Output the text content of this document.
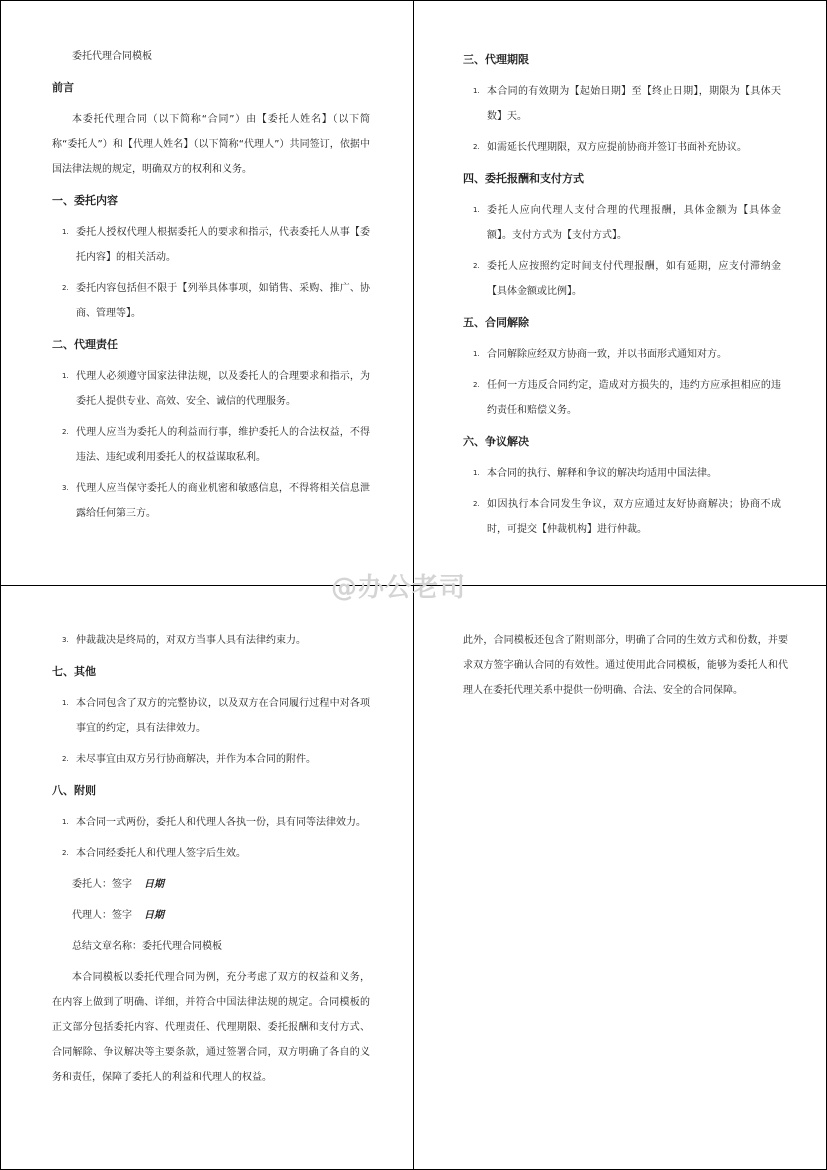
委托代理合同模板
前言
本委托代理合同（以下简称“合同”）由【委托人姓名】（以下简称“委托人”）和【代理人姓名】（以下简称“代理人”）共同签订，依据中国法律法规的规定，明确双方的权利和义务。
一、委托内容
1. 委托人授权代理人根据委托人的要求和指示，代表委托人从事【委托内容】的相关活动。
2. 委托内容包括但不限于【列举具体事项，如销售、采购、推广、协商、管理等】。
二、代理责任
1. 代理人必须遵守国家法律法规，以及委托人的合理要求和指示，为委托人提供专业、高效、安全、诚信的代理服务。
2. 代理人应当为委托人的利益而行事，维护委托人的合法权益，不得违法、违纪或利用委托人的权益谋取私利。
3. 代理人应当保守委托人的商业机密和敏感信息，不得将相关信息泄露给任何第三方。
三、代理期限
1. 本合同的有效期为【起始日期】至【终止日期】，期限为【具体天数】天。
2. 如需延长代理期限，双方应提前协商并签订书面补充协议。
四、委托报酬和支付方式
1. 委托人应向代理人支付合理的代理报酬，具体金额为【具体金额】。支付方式为【支付方式】。
2. 委托人应按照约定时间支付代理报酬，如有延期，应支付滞纳金【具体金额或比例】。
五、合同解除
1. 合同解除应经双方协商一致，并以书面形式通知对方。
2. 任何一方违反合同约定，造成对方损失的，违约方应承担相应的违约责任和赔偿义务。
六、争议解决
1. 本合同的执行、解释和争议的解决均适用中国法律。
2. 如因执行本合同发生争议，双方应通过友好协商解决；协商不成时，可提交【仲裁机构】进行仲裁。
3. 仲裁裁决是终局的，对双方当事人具有法律约束力。
七、其他
1. 本合同包含了双方的完整协议，以及双方在合同履行过程中对各项事宜的约定，具有法律效力。
2. 未尽事宜由双方另行协商解决，并作为本合同的附件。
八、附则
1. 本合同一式两份，委托人和代理人各执一份，具有同等法律效力。
2. 本合同经委托人和代理人签字后生效。
委托人：签字 日期
代理人：签字 日期
总结文章名称：委托代理合同模板
本合同模板以委托代理合同为例，充分考虑了双方的权益和义务，在内容上做到了明确、详细，并符合中国法律法规的规定。合同模板的正文部分包括委托内容、代理责任、代理期限、委托报酬和支付方式、合同解除、争议解决等主要条款，通过签署合同，双方明确了各自的义务和责任，保障了委托人的利益和代理人的权益。
此外，合同模板还包含了附则部分，明确了合同的生效方式和份数，并要求双方签字确认合同的有效性。通过使用此合同模板，能够为委托人和代理人在委托代理关系中提供一份明确、合法、安全的合同保障。
@办公老司
